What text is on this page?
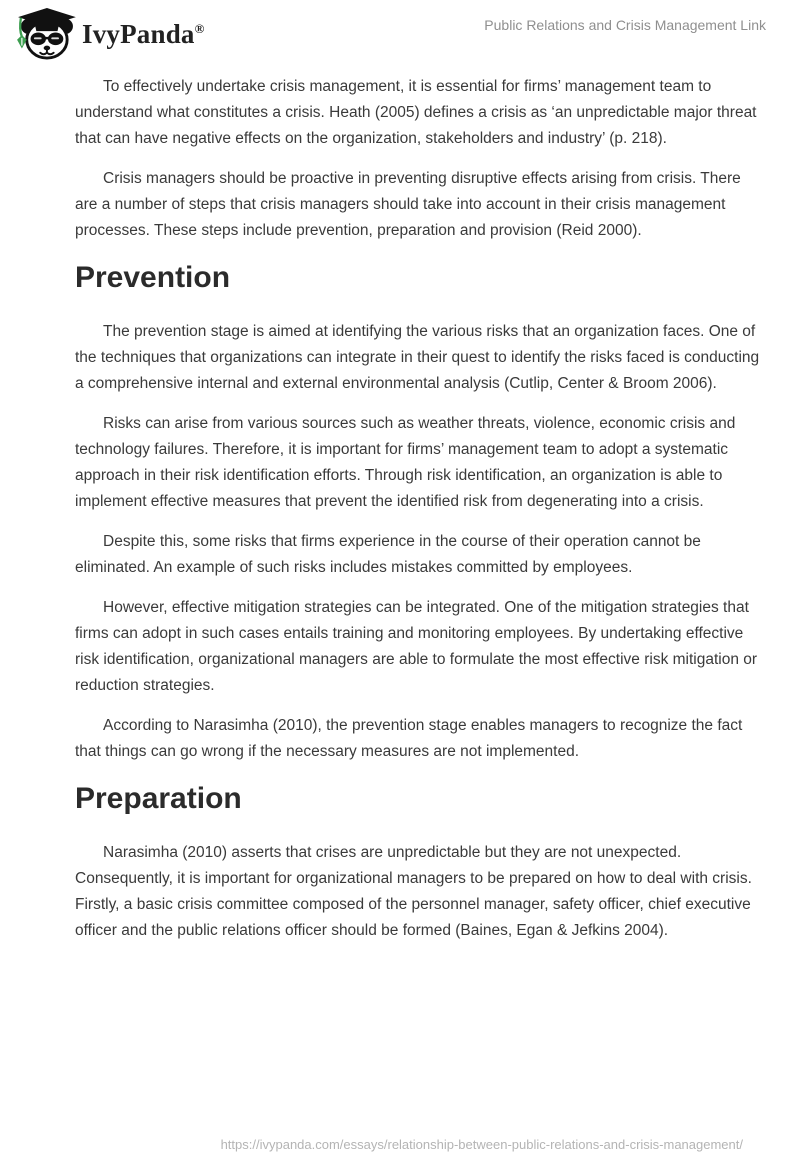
IvyPanda®	Public Relations and Crisis Management Link

To effectively undertake crisis management, it is essential for firms’ management team to understand what constitutes a crisis. Heath (2005) defines a crisis as ‘an unpredictable major threat that can have negative effects on the organization, stakeholders and industry’ (p. 218).

Crisis managers should be proactive in preventing disruptive effects arising from crisis. There are a number of steps that crisis managers should take into account in their crisis management processes. These steps include prevention, preparation and provision (Reid 2000).

Prevention

The prevention stage is aimed at identifying the various risks that an organization faces. One of the techniques that organizations can integrate in their quest to identify the risks faced is conducting a comprehensive internal and external environmental analysis (Cutlip, Center & Broom 2006).

Risks can arise from various sources such as weather threats, violence, economic crisis and technology failures. Therefore, it is important for firms’ management team to adopt a systematic approach in their risk identification efforts. Through risk identification, an organization is able to implement effective measures that prevent the identified risk from degenerating into a crisis.

Despite this, some risks that firms experience in the course of their operation cannot be eliminated. An example of such risks includes mistakes committed by employees.

However, effective mitigation strategies can be integrated. One of the mitigation strategies that firms can adopt in such cases entails training and monitoring employees. By undertaking effective risk identification, organizational managers are able to formulate the most effective risk mitigation or reduction strategies.

According to Narasimha (2010), the prevention stage enables managers to recognize the fact that things can go wrong if the necessary measures are not implemented.

Preparation

Narasimha (2010) asserts that crises are unpredictable but they are not unexpected. Consequently, it is important for organizational managers to be prepared on how to deal with crisis. Firstly, a basic crisis committee composed of the personnel manager, safety officer, chief executive officer and the public relations officer should be formed (Baines, Egan & Jefkins 2004).

https://ivypanda.com/essays/relationship-between-public-relations-and-crisis-management/
